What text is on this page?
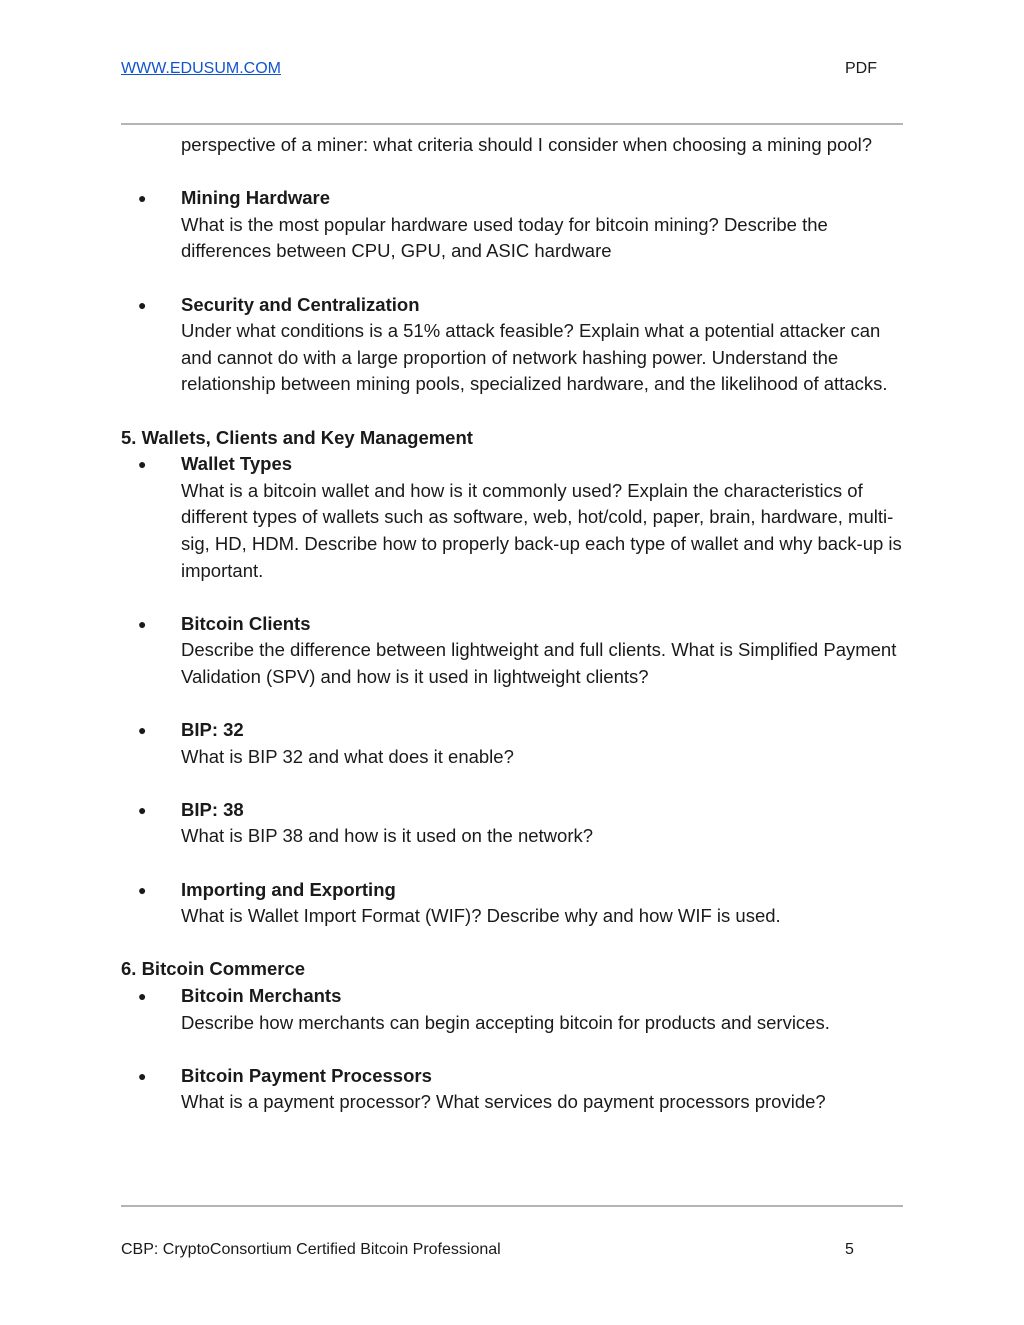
WWW.EDUSUM.COM	PDF
perspective of a miner: what criteria should I consider when choosing a mining pool?
● Mining Hardware
What is the most popular hardware used today for bitcoin mining? Describe the differences between CPU, GPU, and ASIC hardware
● Security and Centralization
Under what conditions is a 51% attack feasible? Explain what a potential attacker can and cannot do with a large proportion of network hashing power. Understand the relationship between mining pools, specialized hardware, and the likelihood of attacks.
5. Wallets, Clients and Key Management
● Wallet Types
What is a bitcoin wallet and how is it commonly used? Explain the characteristics of different types of wallets such as software, web, hot/cold, paper, brain, hardware, multi-sig, HD, HDM. Describe how to properly back-up each type of wallet and why back-up is important.
● Bitcoin Clients
Describe the difference between lightweight and full clients. What is Simplified Payment Validation (SPV) and how is it used in lightweight clients?
● BIP: 32
What is BIP 32 and what does it enable?
● BIP: 38
What is BIP 38 and how is it used on the network?
● Importing and Exporting
What is Wallet Import Format (WIF)? Describe why and how WIF is used.
6. Bitcoin Commerce
● Bitcoin Merchants
Describe how merchants can begin accepting bitcoin for products and services.
● Bitcoin Payment Processors
What is a payment processor? What services do payment processors provide?
CBP: CryptoConsortium Certified Bitcoin Professional	5
